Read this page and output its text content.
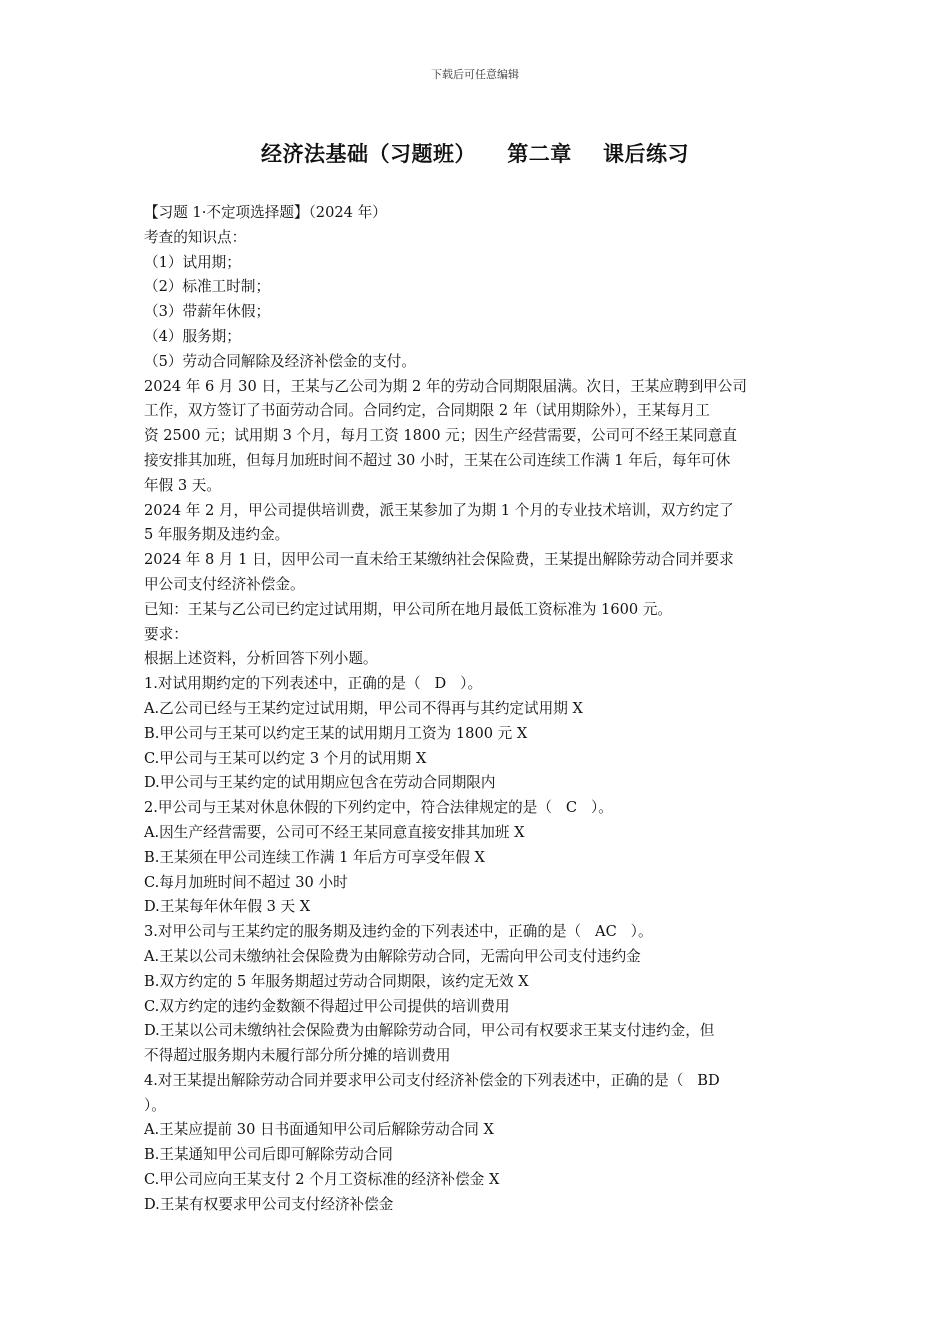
下载后可任意编辑
经济法基础（习题班）    第二章    课后练习
【习题 1·不定项选择题】（2024 年）
考查的知识点：
（1）试用期；
（2）标准工时制；
（3）带薪年休假；
（4）服务期；
（5）劳动合同解除及经济补偿金的支付。
2024 年 6 月 30 日，王某与乙公司为期 2 年的劳动合同期限届满。次日，王某应聘到甲公司
工作，双方签订了书面劳动合同。合同约定，合同期限 2 年（试用期除外），王某每月工
资 2500 元；试用期 3 个月，每月工资 1800 元；因生产经营需要，公司可不经王某同意直
接安排其加班，但每月加班时间不超过 30 小时，王某在公司连续工作满 1 年后，每年可休
年假 3 天。
2024 年 2 月，甲公司提供培训费，派王某参加了为期 1 个月的专业技术培训，双方约定了
5 年服务期及违约金。
2024 年 8 月 1 日，因甲公司一直未给王某缴纳社会保险费，王某提出解除劳动合同并要求
甲公司支付经济补偿金。
已知：王某与乙公司已约定过试用期，甲公司所在地月最低工资标准为 1600 元。
要求：
根据上述资料，分析回答下列小题。
1.对试用期约定的下列表述中，正确的是（   D   ）。
A.乙公司已经与王某约定过试用期，甲公司不得再与其约定试用期 X
B.甲公司与王某可以约定王某的试用期月工资为 1800 元 X
C.甲公司与王某可以约定 3 个月的试用期 X
D.甲公司与王某约定的试用期应包含在劳动合同期限内
2.甲公司与王某对休息休假的下列约定中，符合法律规定的是（   C   ）。
A.因生产经营需要，公司可不经王某同意直接安排其加班 X
B.王某须在甲公司连续工作满 1 年后方可享受年假 X
C.每月加班时间不超过 30 小时
D.王某每年休年假 3 天 X
3.对甲公司与王某约定的服务期及违约金的下列表述中，正确的是（   AC   ）。
A.王某以公司未缴纳社会保险费为由解除劳动合同，无需向甲公司支付违约金
B.双方约定的 5 年服务期超过劳动合同期限，该约定无效 X
C.双方约定的违约金数额不得超过甲公司提供的培训费用
D.王某以公司未缴纳社会保险费为由解除劳动合同，甲公司有权要求王某支付违约金，但
不得超过服务期内未履行部分所分摊的培训费用
4.对王某提出解除劳动合同并要求甲公司支付经济补偿金的下列表述中，正确的是（   BD
）。
A.王某应提前 30 日书面通知甲公司后解除劳动合同 X
B.王某通知甲公司后即可解除劳动合同
C.甲公司应向王某支付 2 个月工资标准的经济补偿金 X
D.王某有权要求甲公司支付经济补偿金
